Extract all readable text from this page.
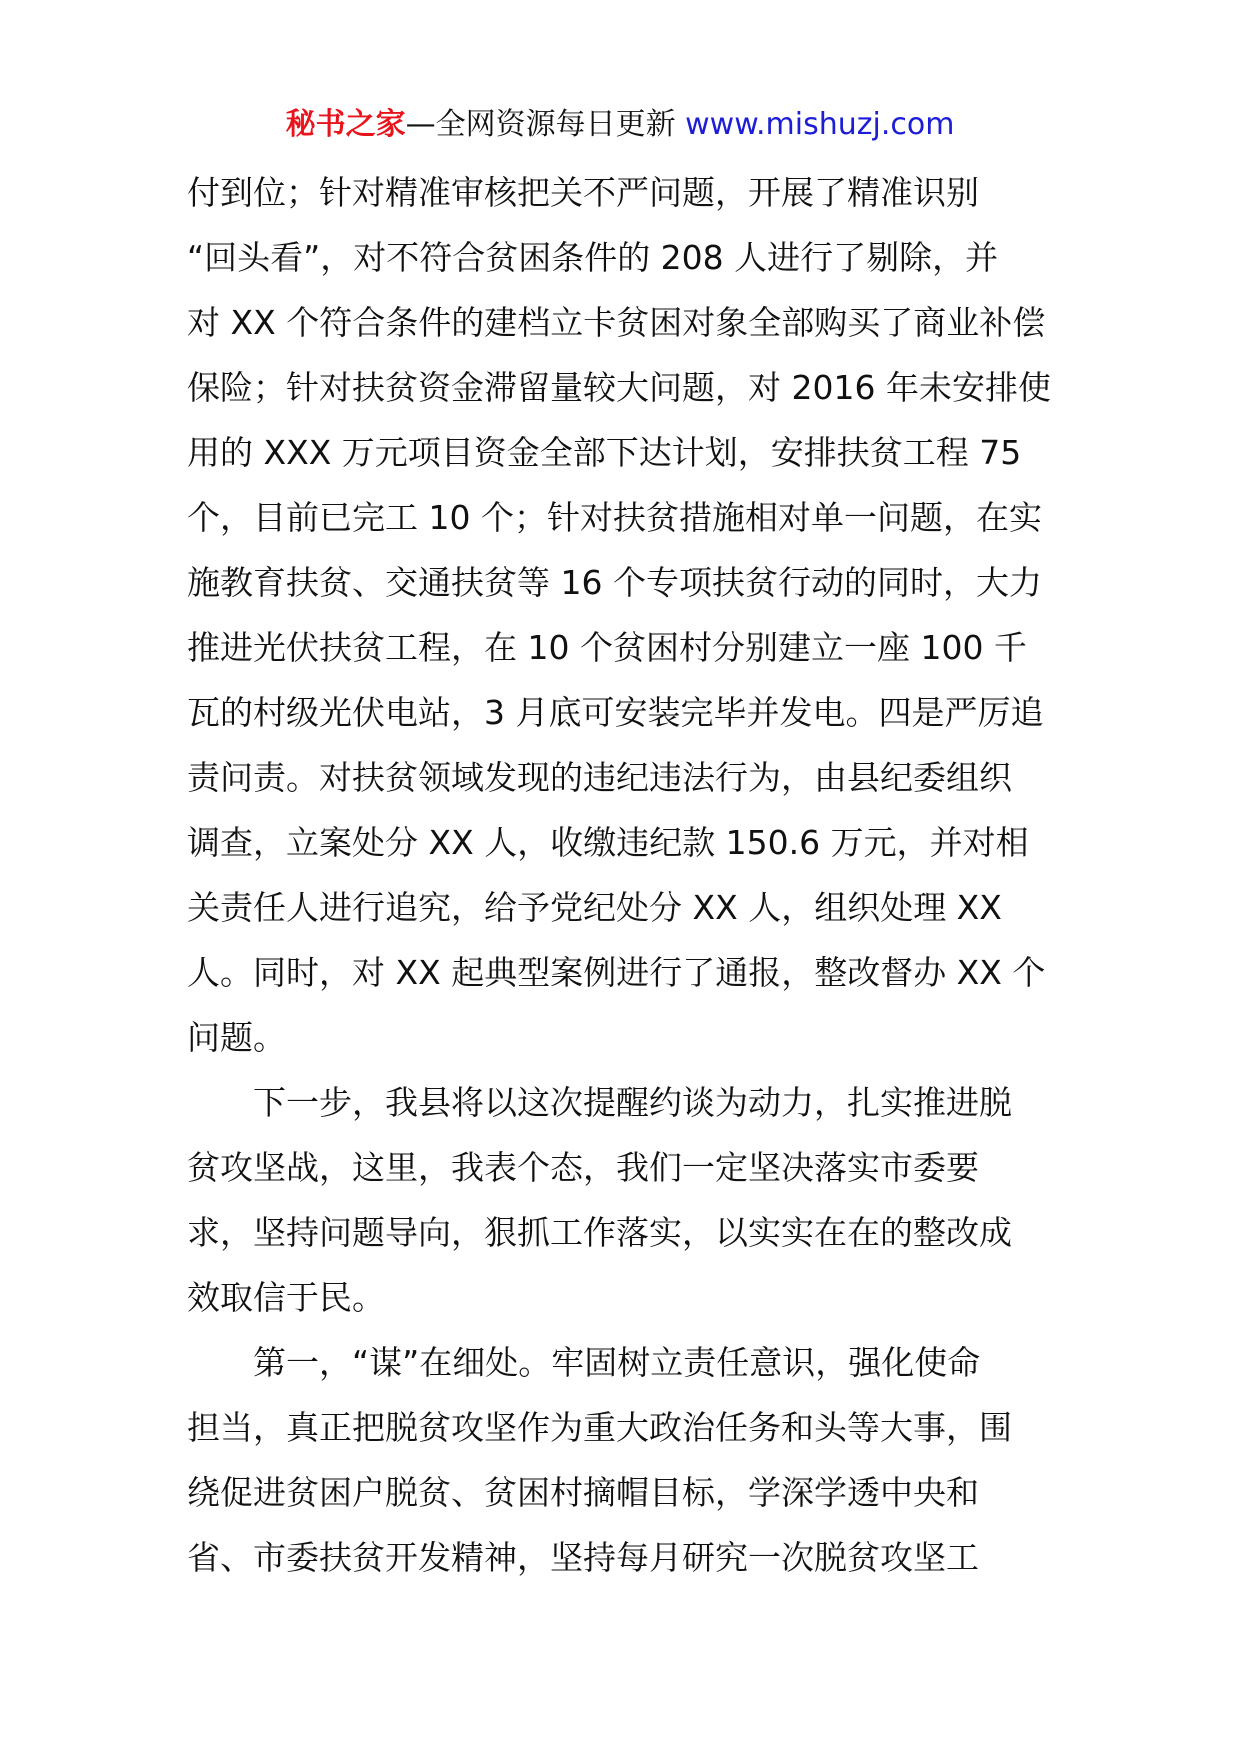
秘书之家—全网资源每日更新 www.mishuzj.com
付到位；针对精准审核把关不严问题，开展了精准识别
“回头看”，对不符合贫困条件的 208 人进行了剔除，并
对 XX 个符合条件的建档立卡贫困对象全部购买了商业补偿
保险；针对扶贫资金滞留量较大问题，对 2016 年未安排使
用的 XXX 万元项目资金全部下达计划，安排扶贫工程 75
个，目前已完工 10 个；针对扶贫措施相对单一问题，在实
施教育扶贫、交通扶贫等 16 个专项扶贫行动的同时，大力
推进光伏扶贫工程，在 10 个贫困村分别建立一座 100 千
瓦的村级光伏电站，3 月底可安装完毕并发电。四是严厉追
责问责。对扶贫领域发现的违纪违法行为，由县纪委组织
调查，立案处分 XX 人，收缴违纪款 150.6 万元，并对相
关责任人进行追究，给予党纪处分 XX 人，组织处理 XX
人。同时，对 XX 起典型案例进行了通报，整改督办 XX 个
问题。
　　下一步，我县将以这次提醒约谈为动力，扎实推进脱
贫攻坚战，这里，我表个态，我们一定坚决落实市委要
求，坚持问题导向，狠抓工作落实，以实实在在的整改成
效取信于民。
　　第一，“谋”在细处。牢固树立责任意识，强化使命
担当，真正把脱贫攻坚作为重大政治任务和头等大事，围
绕促进贫困户脱贫、贫困村摘帽目标，学深学透中央和
省、市委扶贫开发精神，坚持每月研究一次脱贫攻坚工
